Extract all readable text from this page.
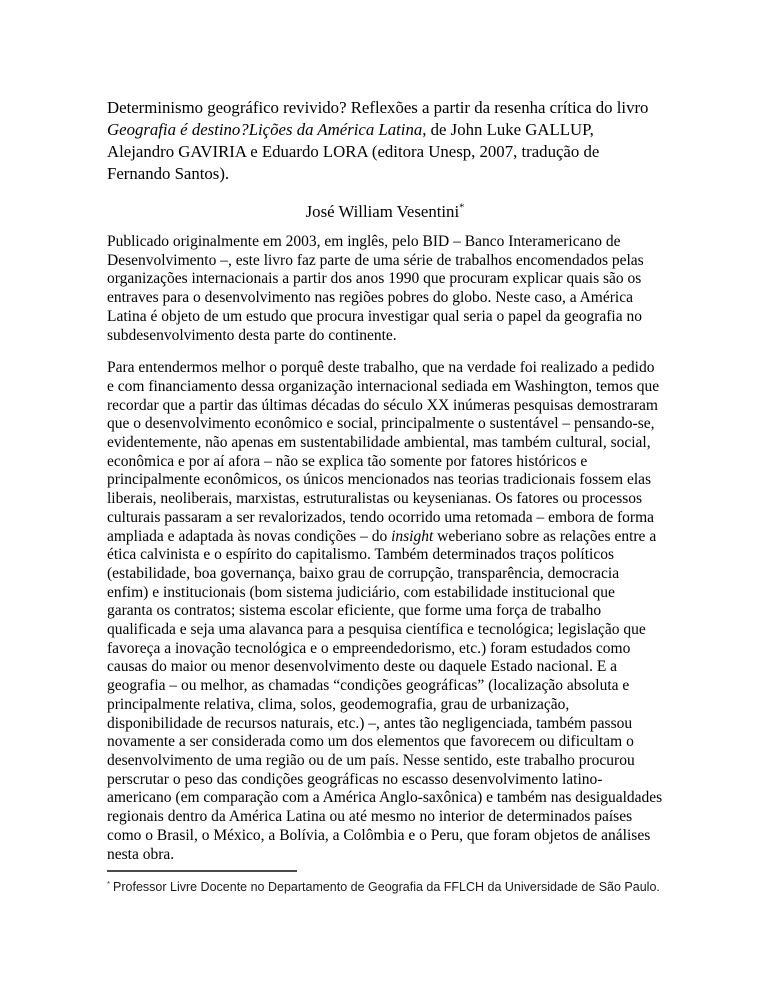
Determinismo geográfico revivido? Reflexões a partir da resenha crítica do livro Geografia é destino?Lições da América Latina, de John Luke GALLUP, Alejandro GAVIRIA e Eduardo LORA (editora Unesp, 2007, tradução de Fernando Santos).

José William Vesentini*

Publicado originalmente em 2003, em inglês, pelo BID – Banco Interamericano de Desenvolvimento –, este livro faz parte de uma série de trabalhos encomendados pelas organizações internacionais a partir dos anos 1990 que procuram explicar quais são os entraves para o desenvolvimento nas regiões pobres do globo. Neste caso, a América Latina é objeto de um estudo que procura investigar qual seria o papel da geografia no subdesenvolvimento desta parte do continente.

Para entendermos melhor o porquê deste trabalho, que na verdade foi realizado a pedido e com financiamento dessa organização internacional sediada em Washington, temos que recordar que a partir das últimas décadas do século XX inúmeras pesquisas demostraram que o desenvolvimento econômico e social, principalmente o sustentável – pensando-se, evidentemente, não apenas em sustentabilidade ambiental, mas também cultural, social, econômica e por aí afora – não se explica tão somente por fatores históricos e principalmente econômicos, os únicos mencionados nas teorias tradicionais fossem elas liberais, neoliberais, marxistas, estruturalistas ou keysenianas. Os fatores ou processos culturais passaram a ser revalorizados, tendo ocorrido uma retomada – embora de forma ampliada e adaptada às novas condições – do insight weberiano sobre as relações entre a ética calvinista e o espírito do capitalismo. Também determinados traços políticos (estabilidade, boa governança, baixo grau de corrupção, transparência, democracia enfim) e institucionais (bom sistema judiciário, com estabilidade institucional que garanta os contratos; sistema escolar eficiente, que forme uma força de trabalho qualificada e seja uma alavanca para a pesquisa científica e tecnológica; legislação que favoreça a inovação tecnológica e o empreendedorismo, etc.) foram estudados como causas do maior ou menor desenvolvimento deste ou daquele Estado nacional. E a geografia – ou melhor, as chamadas “condições geográficas” (localização absoluta e principalmente relativa, clima, solos, geodemografia, grau de urbanização, disponibilidade de recursos naturais, etc.) –, antes tão negligenciada, também passou novamente a ser considerada como um dos elementos que favorecem ou dificultam o desenvolvimento de uma região ou de um país. Nesse sentido, este trabalho procurou perscrutar o peso das condições geográficas no escasso desenvolvimento latino-americano (em comparação com a América Anglo-saxônica) e também nas desigualdades regionais dentro da América Latina ou até mesmo no interior de determinados países como o Brasil, o México, a Bolívia, a Colômbia e o Peru, que foram objetos de análises nesta obra.

* Professor Livre Docente no Departamento de Geografia da FFLCH da Universidade de São Paulo.
